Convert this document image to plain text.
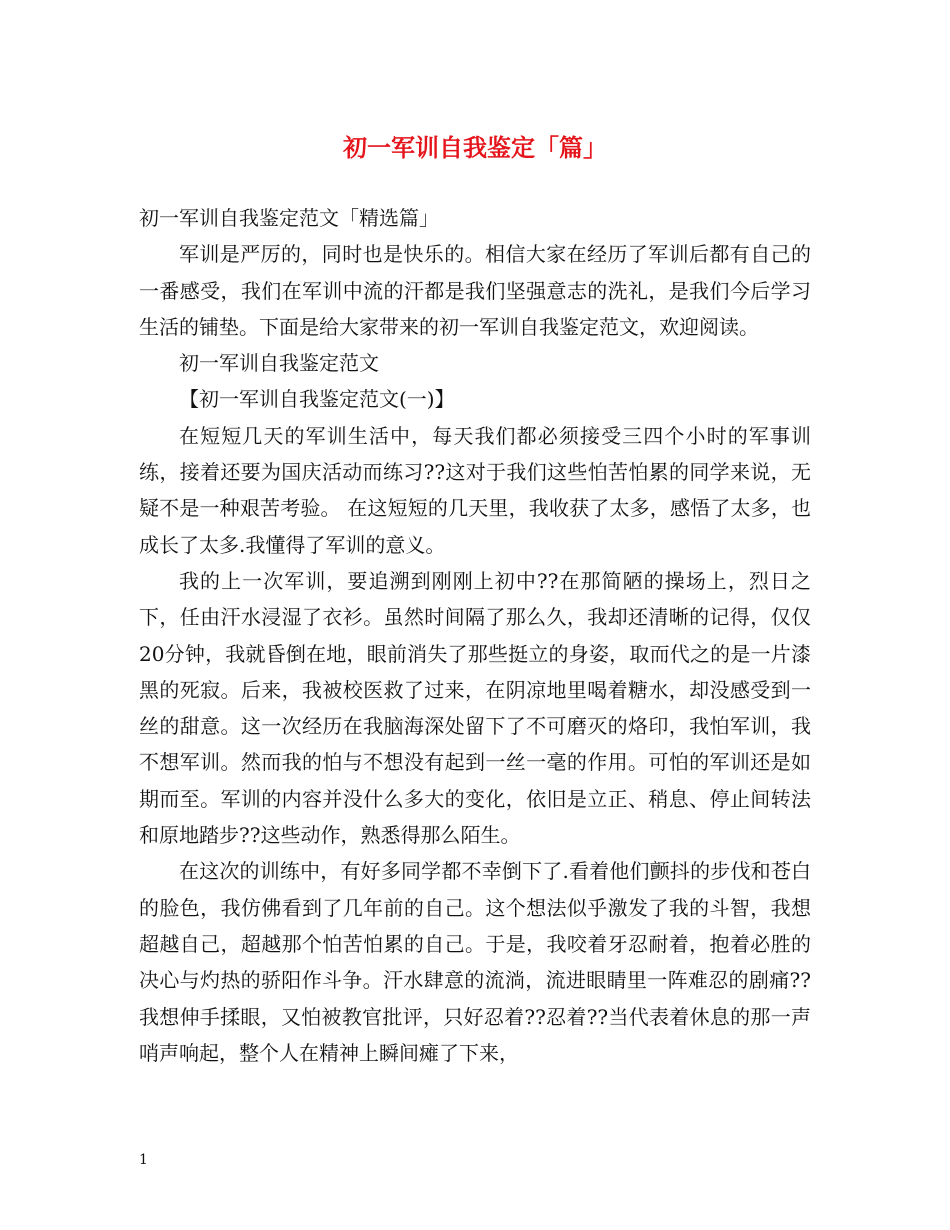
初一军训自我鉴定「篇」

初一军训自我鉴定范文「精选篇」

军训是严厉的，同时也是快乐的。相信大家在经历了军训后都有自己的一番感受，我们在军训中流的汗都是我们坚强意志的洗礼，是我们今后学习生活的铺垫。下面是给大家带来的初一军训自我鉴定范文，欢迎阅读。

初一军训自我鉴定范文

【初一军训自我鉴定范文(一)】

在短短几天的军训生活中，每天我们都必须接受三四个小时的军事训练，接着还要为国庆活动而练习??这对于我们这些怕苦怕累的同学来说，无疑不是一种艰苦考验。 在这短短的几天里，我收获了太多，感悟了太多，也成长了太多.我懂得了军训的意义。

我的上一次军训，要追溯到刚刚上初中??在那简陋的操场上，烈日之下，任由汗水浸湿了衣衫。虽然时间隔了那么久，我却还清晰的记得，仅仅20分钟，我就昏倒在地，眼前消失了那些挺立的身姿，取而代之的是一片漆黑的死寂。后来，我被校医救了过来，在阴凉地里喝着糖水，却没感受到一丝的甜意。这一次经历在我脑海深处留下了不可磨灭的烙印，我怕军训，我不想军训。然而我的怕与不想没有起到一丝一毫的作用。可怕的军训还是如期而至。军训的内容并没什么多大的变化，依旧是立正、稍息、停止间转法和原地踏步??这些动作，熟悉得那么陌生。

在这次的训练中，有好多同学都不幸倒下了.看着他们颤抖的步伐和苍白的脸色，我仿佛看到了几年前的自己。这个想法似乎激发了我的斗智，我想超越自己，超越那个怕苦怕累的自己。于是，我咬着牙忍耐着，抱着必胜的决心与灼热的骄阳作斗争。汗水肆意的流淌，流进眼睛里一阵难忍的剧痛??我想伸手揉眼，又怕被教官批评，只好忍着??忍着??当代表着休息的那一声哨声响起，整个人在精神上瞬间瘫了下来，

1
